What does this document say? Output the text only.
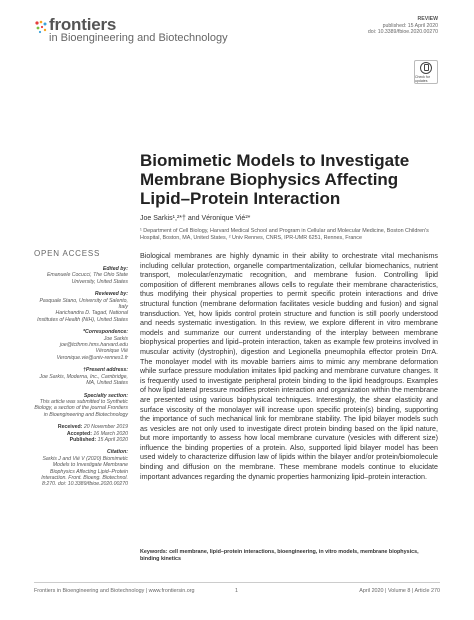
frontiers
in Bioengineering and Biotechnology
REVIEW
published: 15 April 2020
doi: 10.3389/fbioe.2020.00270
Check for updates
Biomimetic Models to Investigate Membrane Biophysics Affecting Lipid–Protein Interaction
Joe Sarkis¹,²*† and Véronique Vié²*
¹ Department of Cell Biology, Harvard Medical School and Program in Cellular and Molecular Medicine, Boston Children's Hospital, Boston, MA, United States, ² Univ Rennes, CNRS, IPR-UMR 6251, Rennes, France
OPEN ACCESS
Edited by:
Emanuele Cocucci, The Ohio State University, United States
Reviewed by:
Pasquale Stano, University of Salento, Italy
Harichandra D. Tagad, National Institutes of Health (NIH), United States
*Correspondence:
Joe Sarkis
joe@tcthmn.hms.harvard.edu
Véronique Vié
Veronique.vie@univ-rennes1.fr
†Present address:
Joe Sarkis, Moderna, Inc., Cambridge, MA, United States
Specialty section:
This article was submitted to Synthetic Biology, a section of the journal Frontiers in Bioengineering and Biotechnology
Received: 20 November 2019
Accepted: 16 March 2020
Published: 15 April 2020
Citation:
Sarkis J and Vié V (2020) Biomimetic Models to Investigate Membrane Biophysics Affecting Lipid–Protein Interaction. Front. Bioeng. Biotechnol. 8:270. doi: 10.3389/fbioe.2020.00270

Biological membranes are highly dynamic in their ability to orchestrate vital mechanisms including cellular protection, organelle compartmentalization, cellular biomechanics, nutrient transport, molecular/enzymatic recognition, and membrane fusion. Controlling lipid composition of different membranes allows cells to regulate their membrane characteristics, thus modifying their physical properties to permit specific protein interactions and drive structural function (membrane deformation facilitates vesicle budding and fusion) and signal transduction. Yet, how lipids control protein structure and function is still poorly understood and needs systematic investigation. In this review, we explore different in vitro membrane models and summarize our current understanding of the interplay between membrane biophysical properties and lipid–protein interaction, taken as example few proteins involved in muscular activity (dystrophin), digestion and Legionella pneumophila effector protein DrrA. The monolayer model with its movable barriers aims to mimic any membrane deformation while surface pressure modulation imitates lipid packing and membrane curvature changes. It is frequently used to investigate peripheral protein binding to the lipid headgroups. Examples of how lipid lateral pressure modifies protein interaction and organization within the membrane are presented using various biophysical techniques. Interestingly, the shear elasticity and surface viscosity of the monolayer will increase upon specific protein(s) binding, supporting the importance of such mechanical link for membrane stability. The lipid bilayer models such as vesicles are not only used to investigate direct protein binding based on the lipid nature, but more importantly to assess how local membrane curvature (vesicles with different size) influence the binding properties of a protein. Also, supported lipid bilayer model has been used widely to characterize diffusion law of lipids within the bilayer and/or protein/biomolecule binding and diffusion on the membrane. These membrane models continue to elucidate important advances regarding the dynamic properties harmonizing lipid–protein interaction.

Keywords: cell membrane, lipid–protein interactions, bioengineering, in vitro models, membrane biophysics, binding kinetics
Frontiers in Bioengineering and Biotechnology | www.frontiersin.org	1	April 2020 | Volume 8 | Article 270
